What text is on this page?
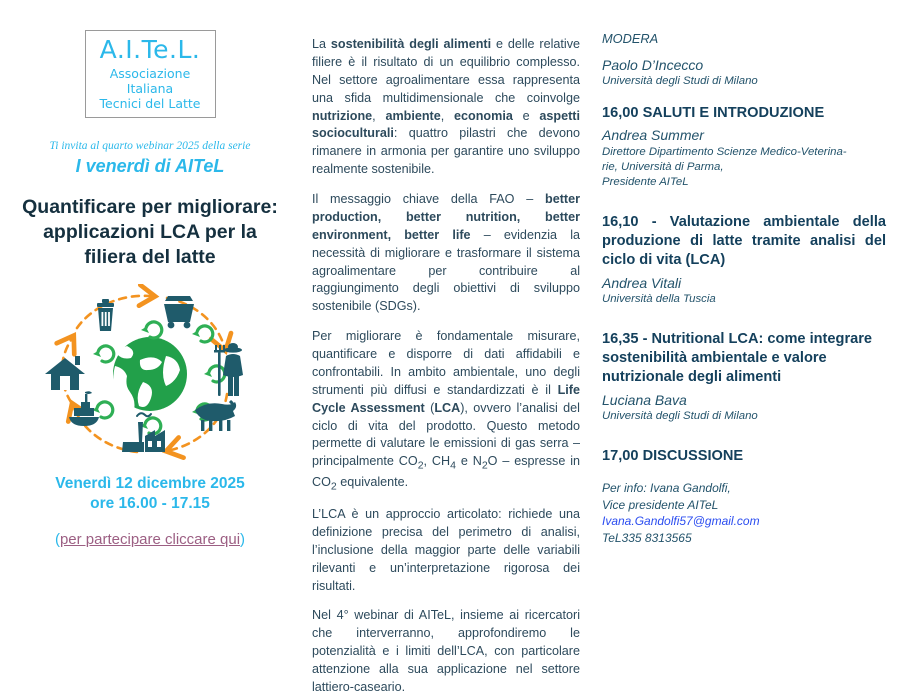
A.I.Te.L.
Associazione Italiana
Tecnici del Latte
Ti invita al quarto webinar 2025 della serie
I venerdì di AITeL
Quantificare per migliorare: applicazioni LCA per la filiera del latte
Venerdì 12 dicembre 2025
ore 16.00 - 17.15
(per partecipare cliccare qui)

La sostenibilità degli alimenti e delle relative filiere è il risultato di un equilibrio complesso. Nel settore agroalimentare essa rappresenta una sfida multidimensionale che coinvolge nutrizione, ambiente, economia e aspetti socioculturali: quattro pilastri che devono rimanere in armonia per garantire uno sviluppo realmente sostenibile.

Il messaggio chiave della FAO – better production, better nutrition, better environment, better life – evidenzia la necessità di migliorare e trasformare il sistema agroalimentare per contribuire al raggiungimento degli obiettivi di sviluppo sostenibile (SDGs).

Per migliorare è fondamentale misurare, quantificare e disporre di dati affidabili e confrontabili. In ambito ambientale, uno degli strumenti più diffusi e standardizzati è il Life Cycle Assessment (LCA), ovvero l’analisi del ciclo di vita del prodotto. Questo metodo permette di valutare le emissioni di gas serra – principalmente $CO_2$, $CH_4$ e $N_2O$ – espresse in $CO_2$ equivalente.

L’LCA è un approccio articolato: richiede una definizione precisa del perimetro di analisi, l’inclusione della maggior parte delle variabili rilevanti e un’interpretazione rigorosa dei risultati.

Nel 4° webinar di AITeL, insieme ai ricercatori che interverranno, approfondiremo le potenzialità e i limiti dell’LCA, con particolare attenzione alla sua applicazione nel settore lattiero-caseario.

MODERA
Paolo D’Incecco
Università degli Studi di Milano
16,00 SALUTI E INTRODUZIONE
Andrea Summer
Direttore Dipartimento Scienze Medico-Veterina-
rie, Università di Parma,
Presidente AITeL
16,10 - Valutazione ambientale della produzione di latte tramite analisi del ciclo di vita (LCA)
Andrea Vitali
Università della Tuscia
16,35 - Nutritional LCA: come integrare sostenibilità ambientale e valore nutrizionale degli alimenti
Luciana Bava
Università degli Studi di Milano
17,00 DISCUSSIONE
Per info: Ivana Gandolfi,
Vice presidente AITeL
Ivana.Gandolfi57@gmail.com
TeL335 8313565
